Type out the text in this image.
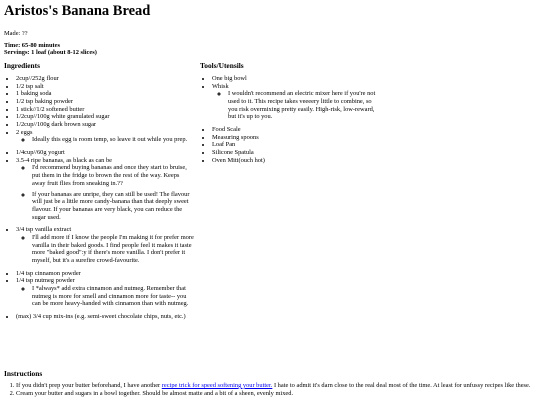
Aristos's Banana Bread
Made: ??
Time: 65-80 minutes
Servings: 1 loaf (about 8-12 slices)
Ingredients
• 2cup//252g flour
• 1/2 tsp salt
• 1 baking soda
• 1/2 tsp baking powder
• 1 stick//1/2 softened butter
• 1/2cup//100g white granulated sugar
• 1/2cup//100g dark brown sugar
• 2 eggs
◦ Ideally this egg is room temp, so leave it out while you prep.
• 1/4cup//60g yogurt
• 3.5-4 ripe bananas, as black as can be
◦ I'd recommend buying bananas and once they start to bruise, put them in the fridge to brown the rest of the way. Keeps away fruit flies from sneaking in.??
◦ If your bananas are unripe, they can still be used! The flavour will just be a little more candy-banana than that deeply sweet flavour. If your bananas are very black, you can reduce the sugar used.
• 3/4 tsp vanilla extract
◦ I'll add more if I know the people I'm making it for prefer more vanilla in their baked goods. I find people feel it makes it taste more "baked good":y if there's more vanilla. I don't prefer it myself, but it's a surefire crowd-favourite.
• 1/4 tsp cinnamon powder
• 1/4 tsp nutmeg powder
◦ I *always* add extra cinnamon and nutmeg. Remember that nutmeg is more for smell and cinnamon more for taste-- you can be more heavy-handed with cinnamon than with nutmeg.
• (max) 3/4 cup mix-ins (e.g. semi-sweet chocolate chips, nuts, etc.)
Tools/Utensils
• One big bowl
• Whisk
◦ I wouldn't recommend an electric mixer here if you're not used to it. This recipe takes veeeery little to combine, so you risk overmixing pretty easily. High-risk, low-reward, but it's up to you.
• Food Scale
• Measuring spoons
• Loaf Pan
• Silicone Spatula
• Oven Mitt(ouch hot)
Instructions
1. If you didn't prep your butter beforehand, I have another recipe trick for speed softening your butter. I hate to admit it's darn close to the real deal most of the time. At least for unfussy recipes like these.
2. Cream your butter and sugars in a bowl together. Should be almost matte and a bit of a sheen, evenly mixed.
